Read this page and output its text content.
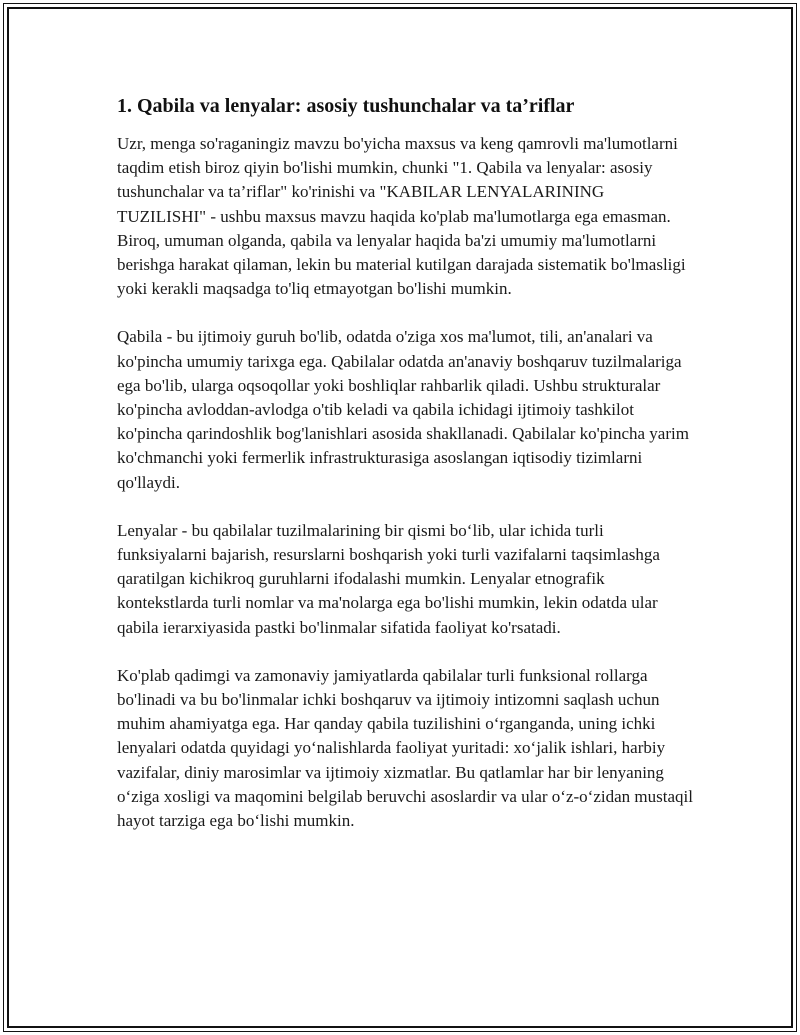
1. Qabila va lenyalar: asosiy tushunchalar va ta’riflar

Uzr, menga so'raganingiz mavzu bo'yicha maxsus va keng qamrovli ma'lumotlarni taqdim etish biroz qiyin bo'lishi mumkin, chunki "1. Qabila va lenyalar: asosiy tushunchalar va ta’riflar" ko'rinishi va "KABILAR LENYALARINING TUZILISHI" - ushbu maxsus mavzu haqida ko'plab ma'lumotlarga ega emasman. Biroq, umuman olganda, qabila va lenyalar haqida ba'zi umumiy ma'lumotlarni berishga harakat qilaman, lekin bu material kutilgan darajada sistematik bo'lmasligi yoki kerakli maqsadga to'liq etmayotgan bo'lishi mumkin.

Qabila - bu ijtimoiy guruh bo'lib, odatda o'ziga xos ma'lumot, tili, an'analari va ko'pincha umumiy tarixga ega. Qabilalar odatda an'anaviy boshqaruv tuzilmalariga ega bo'lib, ularga oqsoqollar yoki boshliqlar rahbarlik qiladi. Ushbu strukturalar ko'pincha avloddan-avlodga o'tib keladi va qabila ichidagi ijtimoiy tashkilot ko'pincha qarindoshlik bog'lanishlari asosida shakllanadi. Qabilalar ko'pincha yarim ko'chmanchi yoki fermerlik infrastrukturasiga asoslangan iqtisodiy tizimlarni qo'llaydi.

Lenyalar - bu qabilalar tuzilmalarining bir qismi bo‘lib, ular ichida turli funksiyalarni bajarish, resurslarni boshqarish yoki turli vazifalarni taqsimlashga qaratilgan kichikroq guruhlarni ifodalashi mumkin. Lenyalar etnografik kontekstlarda turli nomlar va ma'nolarga ega bo'lishi mumkin, lekin odatda ular qabila ierarxiyasida pastki bo'linmalar sifatida faoliyat ko'rsatadi.

Ko'plab qadimgi va zamonaviy jamiyatlarda qabilalar turli funksional rollarga bo'linadi va bu bo'linmalar ichki boshqaruv va ijtimoiy intizomni saqlash uchun muhim ahamiyatga ega. Har qanday qabila tuzilishini o‘rganganda, uning ichki lenyalari odatda quyidagi yo‘nalishlarda faoliyat yuritadi: xo‘jalik ishlari, harbiy vazifalar, diniy marosimlar va ijtimoiy xizmatlar. Bu qatlamlar har bir lenyaning o‘ziga xosligi va maqomini belgilab beruvchi asoslardir va ular o‘z-o‘zidan mustaqil hayot tarziga ega bo‘lishi mumkin.
